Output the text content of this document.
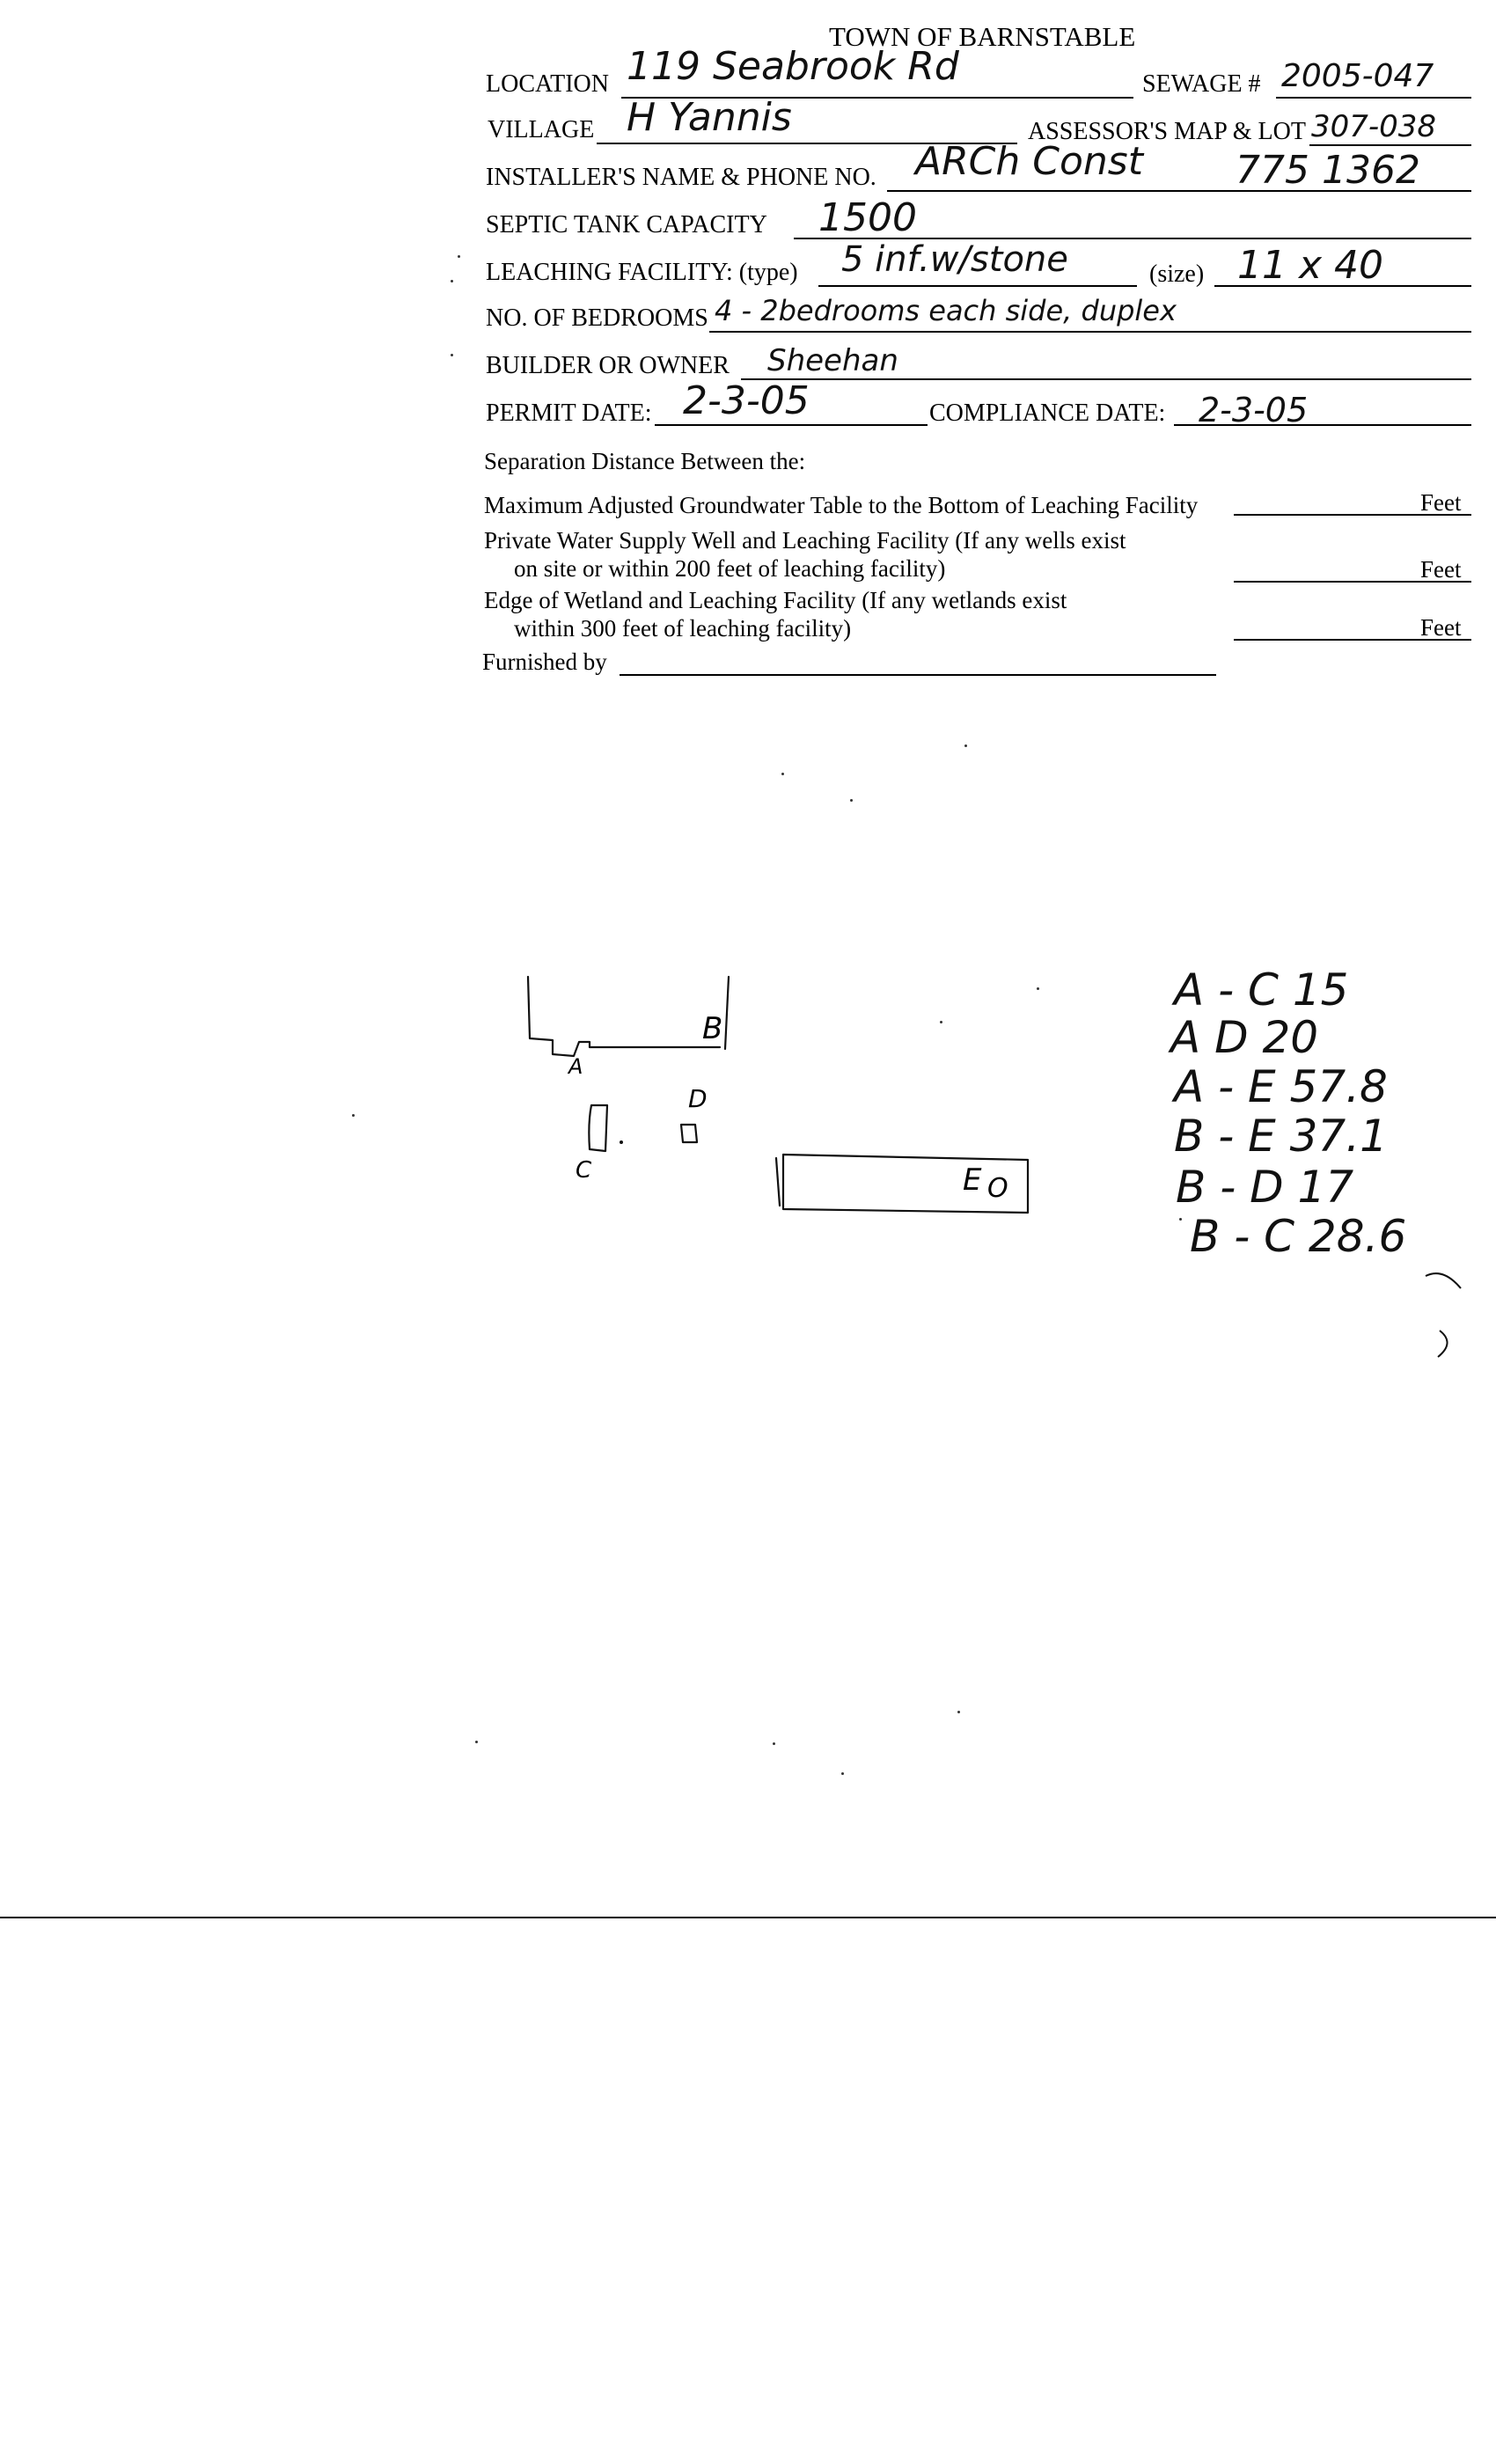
TOWN OF BARNSTABLE
LOCATION 119 Seabrook Rd	SEWAGE # 2005-047
VILLAGE H Yannis	ASSESSOR'S MAP & LOT 307-038
INSTALLER'S NAME & PHONE NO. ARCh Const 775 1362
SEPTIC TANK CAPACITY 1500
LEACHING FACILITY: (type) 5 inf.w/stone	(size) 11 x 40
NO. OF BEDROOMS 4 - 2bedrooms each side, duplex
BUILDER OR OWNER Sheehan
PERMIT DATE: 2-3-05	COMPLIANCE DATE: 2-3-05
Separation Distance Between the:
Maximum Adjusted Groundwater Table to the Bottom of Leaching Facility	Feet
Private Water Supply Well and Leaching Facility (If any wells exist
on site or within 200 feet of leaching facility)	Feet
Edge of Wetland and Leaching Facility (If any wetlands exist
within 300 feet of leaching facility)	Feet
Furnished by
A
B
C
D
E O
A - C 15
A D 20
A - E 57.8
B - E 37.1
B - D 17
B - C 28.6
